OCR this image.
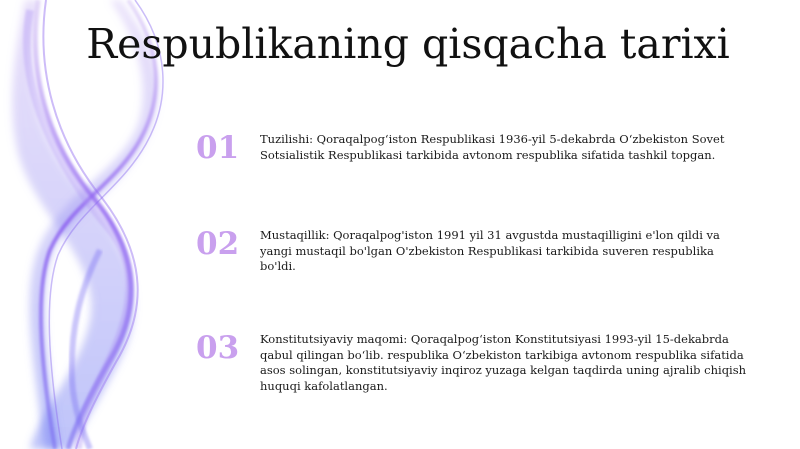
Respublikaning qisqacha tarixi
01	Tuzilishi: Qoraqalpog‘iston Respublikasi 1936-yil 5-dekabrda O‘zbekiston Sovet Sotsialistik Respublikasi tarkibida avtonom respublika sifatida tashkil topgan.
02	Mustaqillik: Qoraqalpog'iston 1991 yil 31 avgustda mustaqilligini e'lon qildi va yangi mustaqil bo'lgan O'zbekiston Respublikasi tarkibida suveren respublika bo'ldi.
03	Konstitutsiyaviy maqomi: Qoraqalpog‘iston Konstitutsiyasi 1993-yil 15-dekabrda qabul qilingan bo‘lib. respublika O‘zbekiston tarkibiga avtonom respublika sifatida asos solingan, konstitutsiyaviy inqiroz yuzaga kelgan taqdirda uning ajralib chiqish huquqi kafolatlangan.
